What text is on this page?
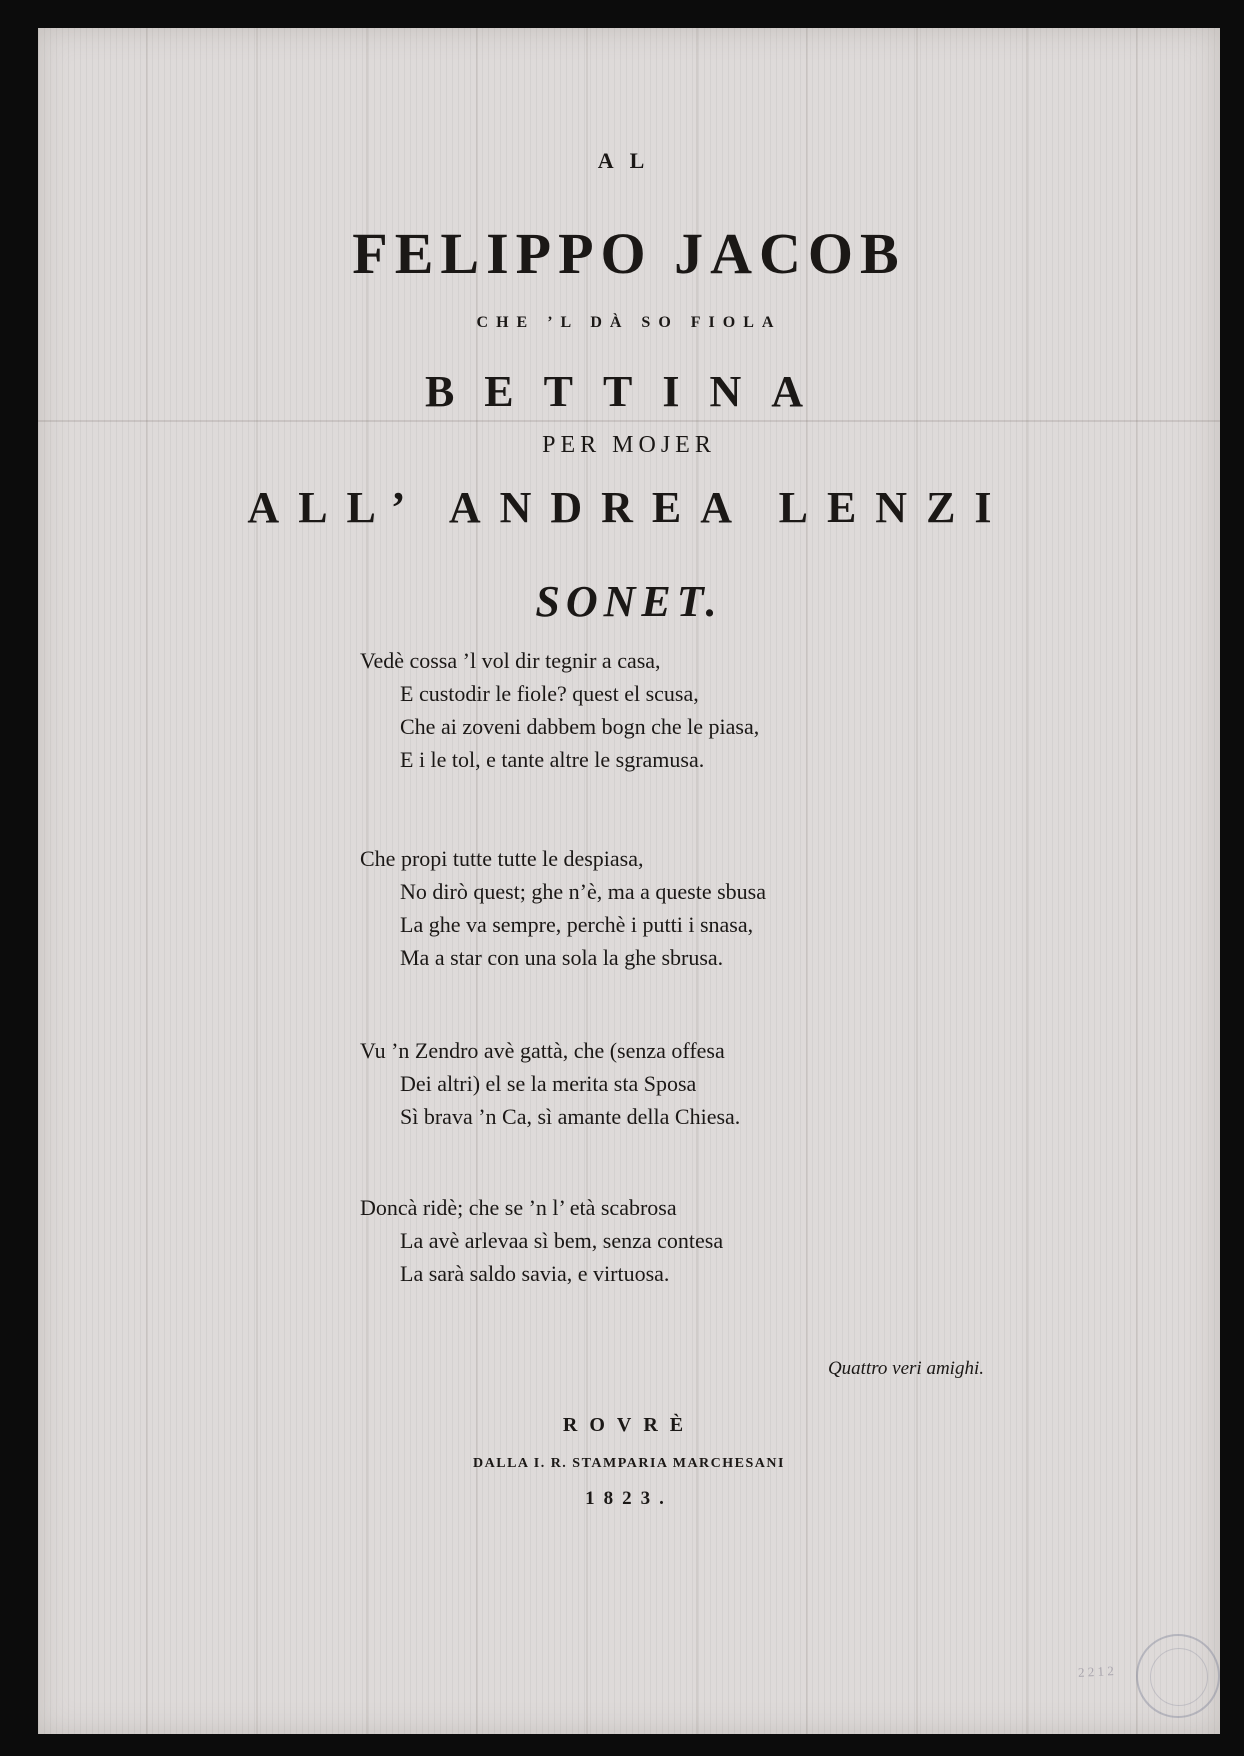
AL
FELIPPO JACOB
CHE ’L DÀ SO FIOLA
BETTINA
PER MOJER
ALL’ ANDREA LENZI
SONET.
Vedè cossa ’l vol dir tegnir a casa,
E custodir le fiole? quest el scusa,
Che ai zoveni dabbem bogn che le piasa,
E i le tol, e tante altre le sgramusa.
Che propi tutte tutte le despiasa,
No dirò quest; ghe n’è, ma a queste sbusa
La ghe va sempre, perchè i putti i snasa,
Ma a star con una sola la ghe sbrusa.
Vu ’n Zendro avè gattà, che (senza offesa
Dei altri) el se la merita sta Sposa
Sì brava ’n Ca, sì amante della Chiesa.
Doncà ridè; che se ’n l’ età scabrosa
La avè arlevaa sì bem, senza contesa
La sarà saldo savia, e virtuosa.
Quattro veri amighi.
ROVRÈ
DALLA I. R. STAMPARIA MARCHESANI
1823.
2 2 1 2
